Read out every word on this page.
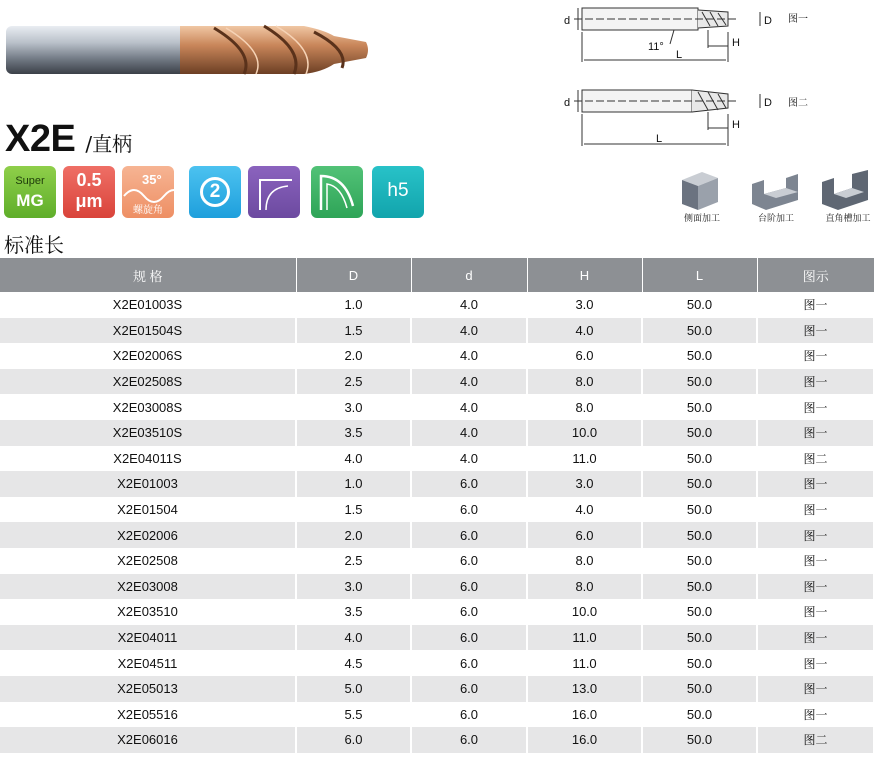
d	D
11°	H
L
图一
d	D
H
L
图二
X2E /直柄
Super
MG
0.5
μm
35°
螺旋角
2	h5
侧面加工	台阶加工	直角槽加工
标准长
规 格	D	d	H	L	图示
X2E01003S	1.0	4.0	3.0	50.0	图一
X2E01504S	1.5	4.0	4.0	50.0	图一
X2E02006S	2.0	4.0	6.0	50.0	图一
X2E02508S	2.5	4.0	8.0	50.0	图一
X2E03008S	3.0	4.0	8.0	50.0	图一
X2E03510S	3.5	4.0	10.0	50.0	图一
X2E04011S	4.0	4.0	11.0	50.0	图二
X2E01003	1.0	6.0	3.0	50.0	图一
X2E01504	1.5	6.0	4.0	50.0	图一
X2E02006	2.0	6.0	6.0	50.0	图一
X2E02508	2.5	6.0	8.0	50.0	图一
X2E03008	3.0	6.0	8.0	50.0	图一
X2E03510	3.5	6.0	10.0	50.0	图一
X2E04011	4.0	6.0	11.0	50.0	图一
X2E04511	4.5	6.0	11.0	50.0	图一
X2E05013	5.0	6.0	13.0	50.0	图一
X2E05516	5.5	6.0	16.0	50.0	图一
X2E06016	6.0	6.0	16.0	50.0	图二
